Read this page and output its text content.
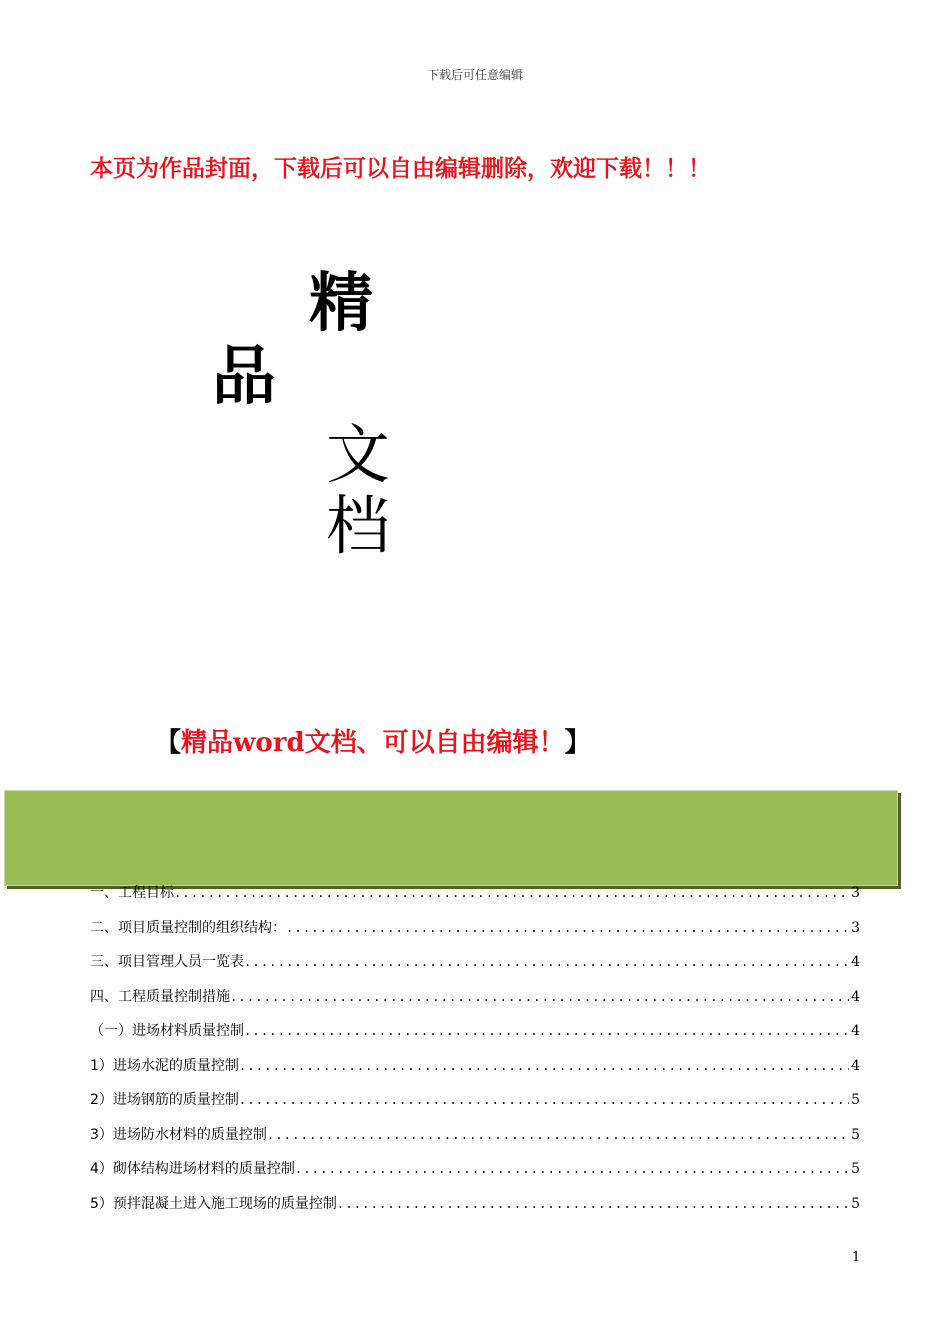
下载后可任意编辑
本页为作品封面，下载后可以自由编辑删除，欢迎下载！！！
精
品
文
档
【精品word文档、可以自由编辑！】
一、工程目标 .....	3
二、项目质量控制的组织结构： .....	3
三、项目管理人员一览表 .....	4
四、工程质量控制措施 .....	4
（一）进场材料质量控制 .....	4
1）进场水泥的质量控制 .....	4
2）进场钢筋的质量控制 .....	5
3）进场防水材料的质量控制 .....	5
4）砌体结构进场材料的质量控制 .....	5
5）预拌混凝土进入施工现场的质量控制 .....	5
1
